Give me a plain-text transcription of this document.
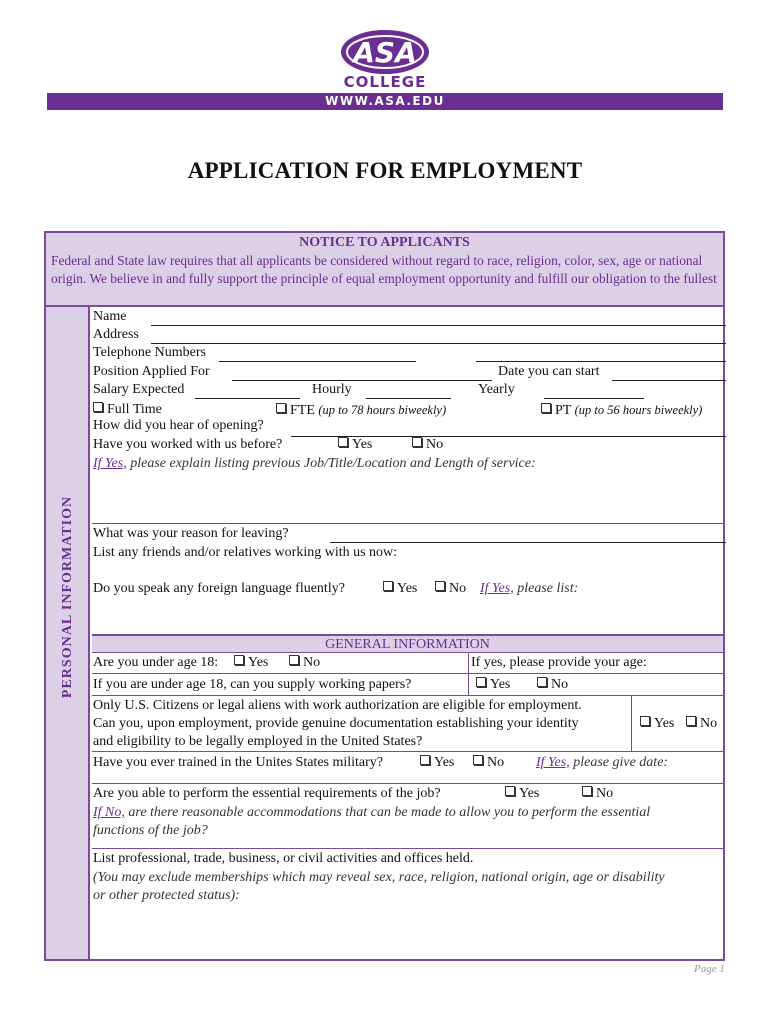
ASA
COLLEGE
WWW.ASA.EDU
APPLICATION FOR EMPLOYMENT
NOTICE TO APPLICANTS
Federal and State law requires that all applicants be considered without regard to race, religion, color, sex, age or national origin. We believe in and fully support the principle of equal employment opportunity and fulfill our obligation to the fullest
PERSONAL INFORMATION
Name
Address
Telephone Numbers
Position Applied For	Date you can start
Salary Expected	Hourly	Yearly
Full Time	FTE (up to 78 hours biweekly)	PT (up to 56 hours biweekly)
How did you hear of opening?
Have you worked with us before?	Yes	No
If Yes, please explain listing previous Job/Title/Location and Length of service:
What was your reason for leaving?
List any friends and/or relatives working with us now:
Do you speak any foreign language fluently?	Yes	No If Yes, please list:
GENERAL INFORMATION
Are you under age 18:	Yes	No	If yes, please provide your age:
If you are under age 18, can you supply working papers?	Yes	No
Only U.S. Citizens or legal aliens with work authorization are eligible for employment.
Can you, upon employment, provide genuine documentation establishing your identity
and eligibility to be legally employed in the United States?
Yes	No
Have you ever trained in the Unites States military?	Yes	No If Yes, please give date:
Are you able to perform the essential requirements of the job?	Yes	No
If No, are there reasonable accommodations that can be made to allow you to perform the essential
functions of the job?
List professional, trade, business, or civil activities and offices held.
(You may exclude memberships which may reveal sex, race, religion, national origin, age or disability
or other protected status):
Page 1
